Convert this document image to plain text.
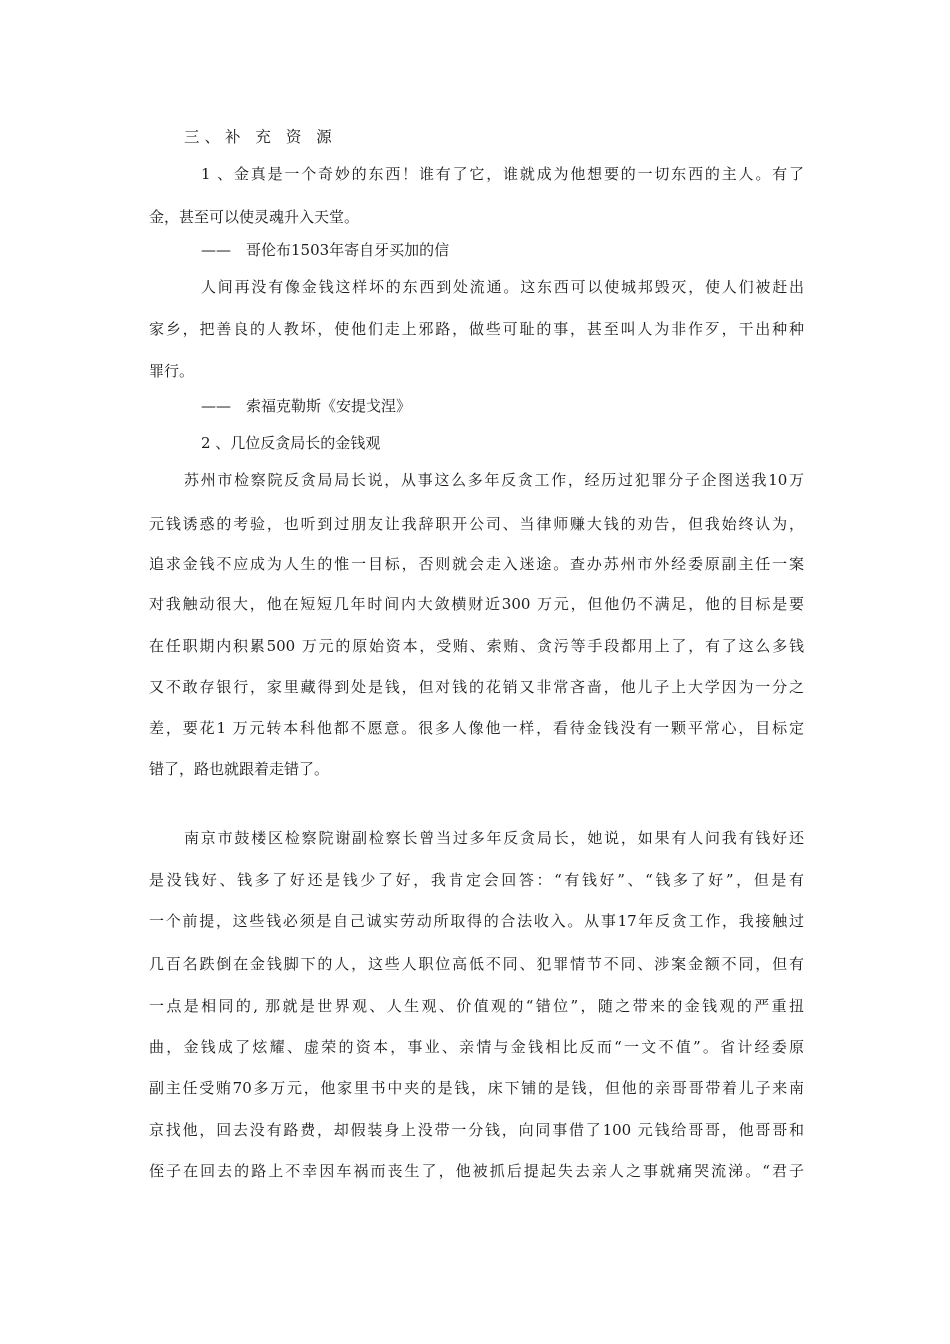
三、补 充 资 源
1 、金真是一个奇妙的东西！谁有了它，谁就成为他想要的一切东西的主人。有了
金，甚至可以使灵魂升入天堂。
——　哥伦布1503年寄自牙买加的信
人间再没有像金钱这样坏的东西到处流通。这东西可以使城邦毁灭，使人们被赶出
家乡，把善良的人教坏，使他们走上邪路，做些可耻的事，甚至叫人为非作歹，干出种种
罪行。
——　索福克勒斯《安提戈涅》
2 、几位反贪局长的金钱观
苏州市检察院反贪局局长说，从事这么多年反贪工作，经历过犯罪分子企图送我10万
元钱诱惑的考验，也听到过朋友让我辞职开公司、当律师赚大钱的劝告，但我始终认为，
追求金钱不应成为人生的惟一目标，否则就会走入迷途。查办苏州市外经委原副主任一案
对我触动很大，他在短短几年时间内大敛横财近300 万元，但他仍不满足，他的目标是要
在任职期内积累500 万元的原始资本，受贿、索贿、贪污等手段都用上了，有了这么多钱
又不敢存银行，家里藏得到处是钱，但对钱的花销又非常吝啬，他儿子上大学因为一分之
差，要花1 万元转本科他都不愿意。很多人像他一样，看待金钱没有一颗平常心，目标定
错了，路也就跟着走错了。
南京市鼓楼区检察院谢副检察长曾当过多年反贪局长，她说，如果有人问我有钱好还
是没钱好、钱多了好还是钱少了好，我肯定会回答：“有钱好”、“钱多了好”，但是有
一个前提，这些钱必须是自己诚实劳动所取得的合法收入。从事17年反贪工作，我接触过
几百名跌倒在金钱脚下的人，这些人职位高低不同、犯罪情节不同、涉案金额不同，但有
一点是相同的, 那就是世界观、人生观、价值观的“错位”，随之带来的金钱观的严重扭
曲，金钱成了炫耀、虚荣的资本，事业、亲情与金钱相比反而“一文不值”。省计经委原
副主任受贿70多万元，他家里书中夹的是钱，床下铺的是钱，但他的亲哥哥带着儿子来南
京找他，回去没有路费，却假装身上没带一分钱，向同事借了100 元钱给哥哥，他哥哥和
侄子在回去的路上不幸因车祸而丧生了，他被抓后提起失去亲人之事就痛哭流涕。“君子
